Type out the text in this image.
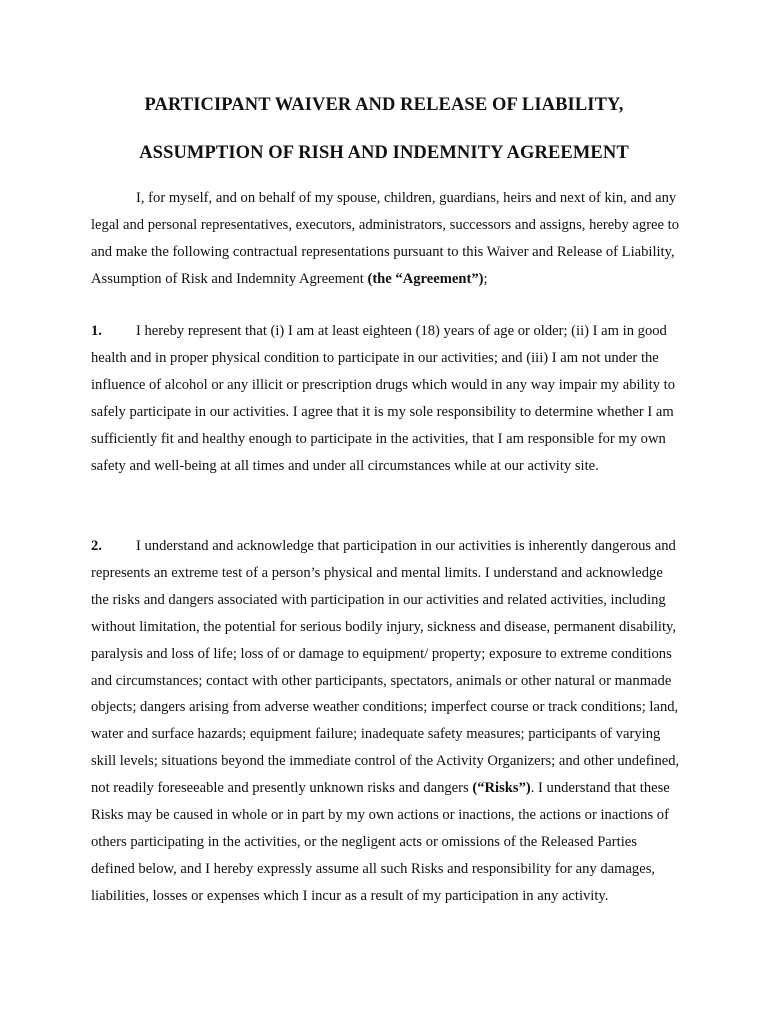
PARTICIPANT WAIVER AND RELEASE OF LIABILITY,
ASSUMPTION OF RISH AND INDEMNITY AGREEMENT

I, for myself, and on behalf of my spouse, children, guardians, heirs and next of kin, and any legal and personal representatives, executors, administrators, successors and assigns, hereby agree to and make the following contractual representations pursuant to this Waiver and Release of Liability, Assumption of Risk and Indemnity Agreement (the “Agreement”);

1. I hereby represent that (i) I am at least eighteen (18) years of age or older; (ii) I am in good health and in proper physical condition to participate in our activities; and (iii) I am not under the influence of alcohol or any illicit or prescription drugs which would in any way impair my ability to safely participate in our activities. I agree that it is my sole responsibility to determine whether I am sufficiently fit and healthy enough to participate in the activities, that I am responsible for my own safety and well-being at all times and under all circumstances while at our activity site.

2. I understand and acknowledge that participation in our activities is inherently dangerous and represents an extreme test of a person’s physical and mental limits. I understand and acknowledge the risks and dangers associated with participation in our activities and related activities, including without limitation, the potential for serious bodily injury, sickness and disease, permanent disability, paralysis and loss of life; loss of or damage to equipment/ property; exposure to extreme conditions and circumstances; contact with other participants, spectators, animals or other natural or manmade objects; dangers arising from adverse weather conditions; imperfect course or track conditions; land, water and surface hazards; equipment failure; inadequate safety measures; participants of varying skill levels; situations beyond the immediate control of the Activity Organizers; and other undefined, not readily foreseeable and presently unknown risks and dangers (“Risks”). I understand that these Risks may be caused in whole or in part by my own actions or inactions, the actions or inactions of others participating in the activities, or the negligent acts or omissions of the Released Parties defined below, and I hereby expressly assume all such Risks and responsibility for any damages, liabilities, losses or expenses which I incur as a result of my participation in any activity.
